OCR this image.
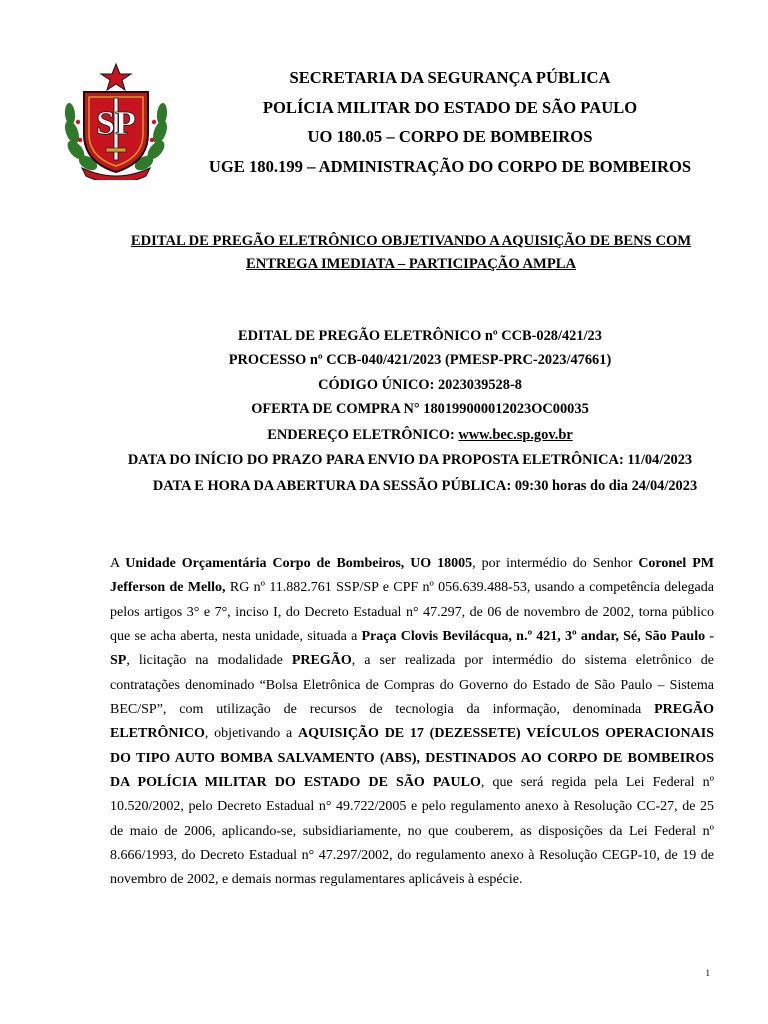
SP
SECRETARIA DA SEGURANÇA PÚBLICA
POLÍCIA MILITAR DO ESTADO DE SÃO PAULO
UO 180.05 – CORPO DE BOMBEIROS
UGE 180.199 – ADMINISTRAÇÃO DO CORPO DE BOMBEIROS
EDITAL DE PREGÃO ELETRÔNICO OBJETIVANDO A AQUISIÇÃO DE BENS COM
ENTREGA IMEDIATA – PARTICIPAÇÃO AMPLA
EDITAL DE PREGÃO ELETRÔNICO nº CCB-028/421/23
PROCESSO nº CCB-040/421/2023 (PMESP-PRC-2023/47661)
CÓDIGO ÚNICO: 2023039528-8
OFERTA DE COMPRA N° 180199000012023OC00035
ENDEREÇO ELETRÔNICO: www.bec.sp.gov.br
DATA DO INÍCIO DO PRAZO PARA ENVIO DA PROPOSTA ELETRÔNICA: 11/04/2023
DATA E HORA DA ABERTURA DA SESSÃO PÚBLICA: 09:30 horas do dia 24/04/2023
A Unidade Orçamentária Corpo de Bombeiros, UO 18005, por intermédio do Senhor Coronel PM Jefferson de Mello, RG nº 11.882.761 SSP/SP e CPF nº 056.639.488-53, usando a competência delegada pelos artigos 3° e 7°, inciso I, do Decreto Estadual n° 47.297, de 06 de novembro de 2002, torna público que se acha aberta, nesta unidade, situada a Praça Clovis Bevilácqua, n.º 421, 3º andar, Sé, São Paulo - SP, licitação na modalidade PREGÃO, a ser realizada por intermédio do sistema eletrônico de contratações denominado “Bolsa Eletrônica de Compras do Governo do Estado de São Paulo – Sistema BEC/SP”, com utilização de recursos de tecnologia da informação, denominada PREGÃO ELETRÔNICO, objetivando a AQUISIÇÃO DE 17 (DEZESSETE) VEÍCULOS OPERACIONAIS DO TIPO AUTO BOMBA SALVAMENTO (ABS), DESTINADOS AO CORPO DE BOMBEIROS DA POLÍCIA MILITAR DO ESTADO DE SÃO PAULO, que será regida pela Lei Federal nº 10.520/2002, pelo Decreto Estadual n° 49.722/2005 e pelo regulamento anexo à Resolução CC-27, de 25 de maio de 2006, aplicando-se, subsidiariamente, no que couberem, as disposições da Lei Federal nº 8.666/1993, do Decreto Estadual n° 47.297/2002, do regulamento anexo à Resolução CEGP-10, de 19 de novembro de 2002, e demais normas regulamentares aplicáveis à espécie.
1
